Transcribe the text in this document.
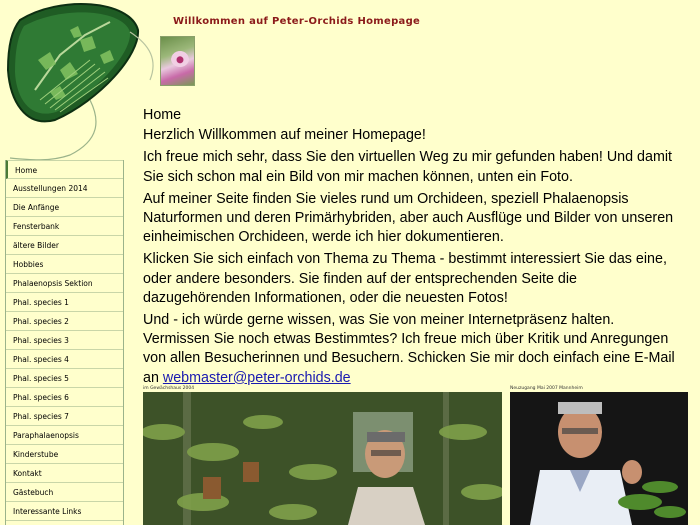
Willkommen auf Peter-Orchids Homepage
Home
Ausstellungen 2014
Die Anfänge
Fensterbank
ältere Bilder
Hobbies
Phalaenopsis Sektion
Phal. species 1
Phal. species 2
Phal. species 3
Phal. species 4
Phal. species 5
Phal. species 6
Phal. species 7
Paraphalaenopsis
Kinderstube
Kontakt
Gästebuch
Interessante Links
Home
Herzlich Willkommen auf meiner Homepage!

Ich freue mich sehr, dass Sie den virtuellen Weg zu mir gefunden haben! Und damit Sie sich schon mal ein Bild von mir machen können, unten ein Foto.

Auf meiner Seite finden Sie vieles rund um Orchideen, speziell Phalaenopsis Naturformen und deren Primärhybriden, aber auch Ausflüge und Bilder von unseren einheimischen Orchideen, werde ich hier dokumentieren.

Klicken Sie sich einfach von Thema zu Thema - bestimmt interessiert Sie das eine, oder andere besonders. Sie finden auf der entsprechenden Seite die dazugehörenden Informationen, oder die neuesten Fotos!

Und - ich würde gerne wissen, was Sie von meiner Internetpräsenz halten. Vermissen Sie noch etwas Bestimmtes? Ich freue mich über Kritik und Anregungen von allen Besucherinnen und Besuchern. Schicken Sie mir doch einfach eine E-Mail an webmaster@peter-orchids.de

im Gewächshaus 2004	Neuzugang Mai 2007 Mannheim
